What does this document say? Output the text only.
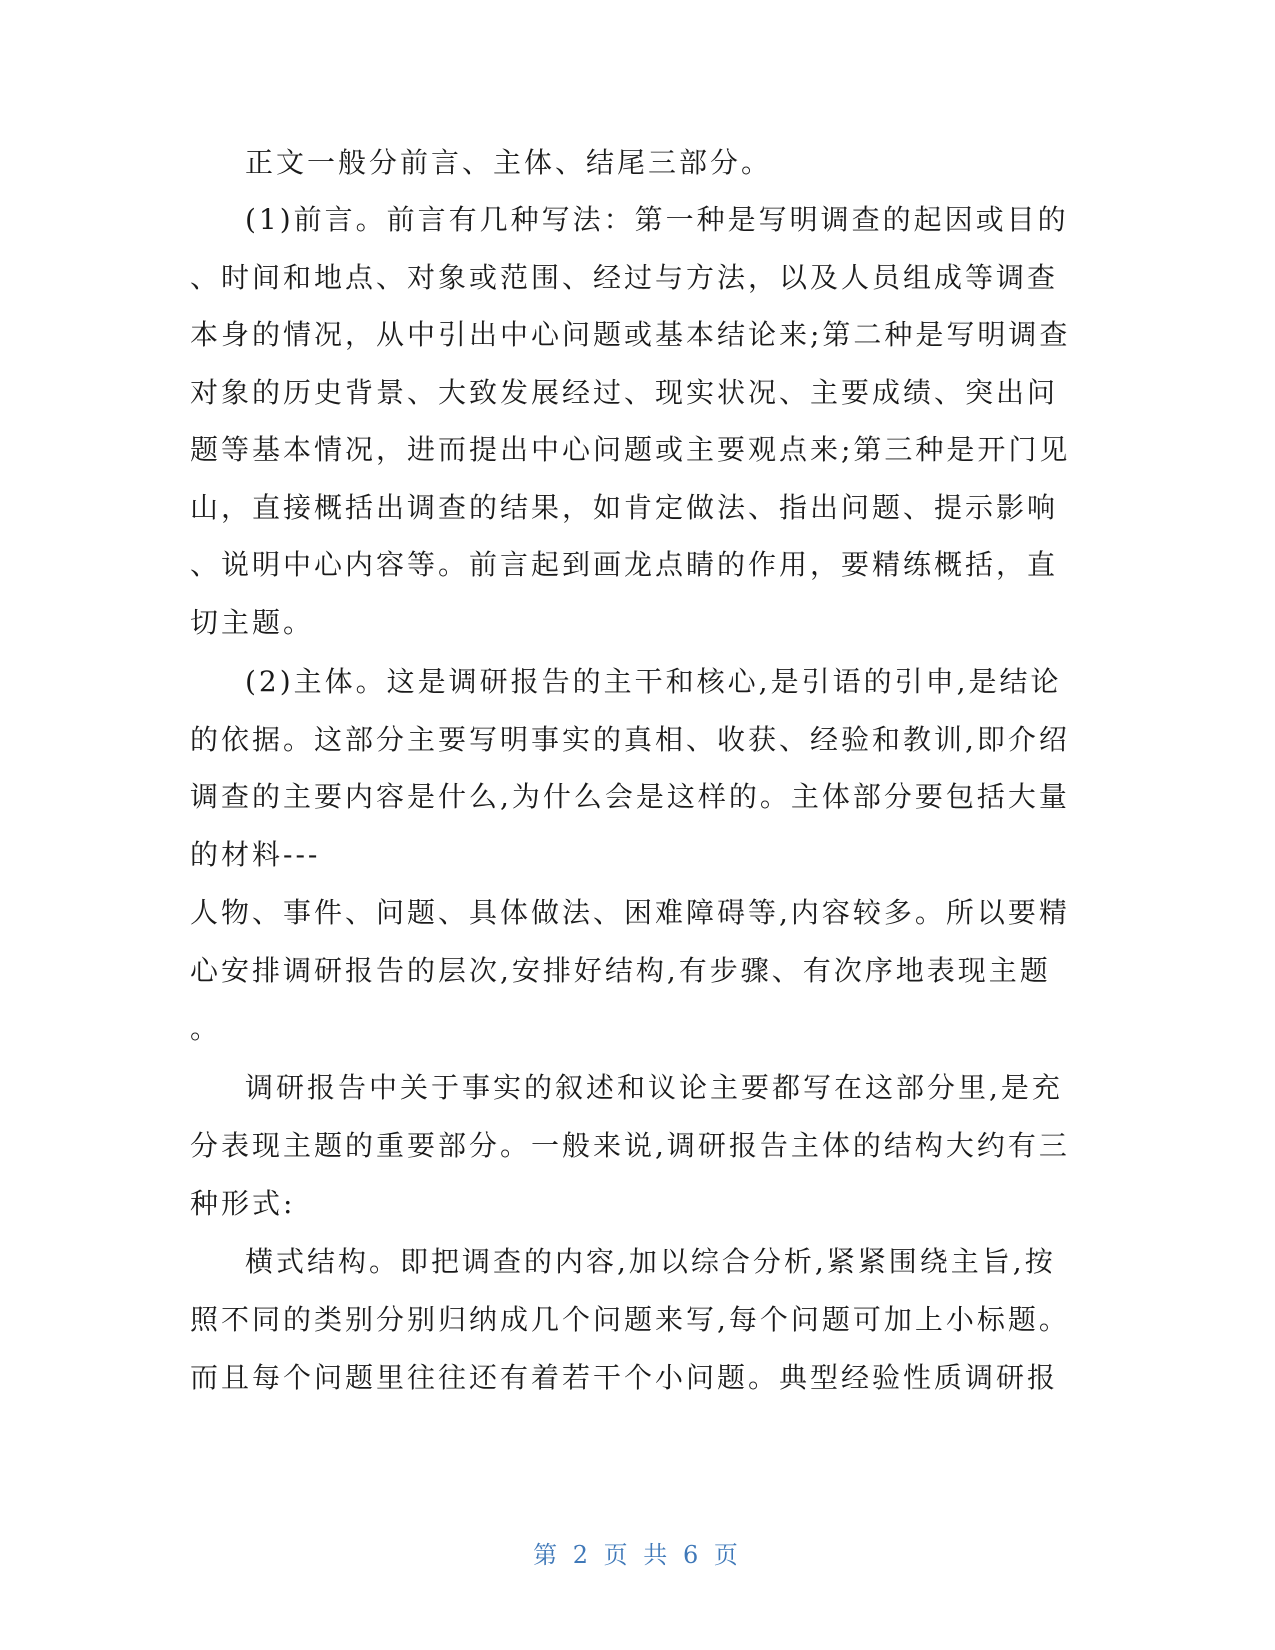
正文一般分前言、主体、结尾三部分。
(1)前言。前言有几种写法：第一种是写明调查的起因或目的
、时间和地点、对象或范围、经过与方法，以及人员组成等调查
本身的情况，从中引出中心问题或基本结论来;第二种是写明调查
对象的历史背景、大致发展经过、现实状况、主要成绩、突出问
题等基本情况，进而提出中心问题或主要观点来;第三种是开门见
山，直接概括出调查的结果，如肯定做法、指出问题、提示影响
、说明中心内容等。前言起到画龙点睛的作用，要精练概括，直
切主题。
(2)主体。这是调研报告的主干和核心,是引语的引申,是结论
的依据。这部分主要写明事实的真相、收获、经验和教训,即介绍
调查的主要内容是什么,为什么会是这样的。主体部分要包括大量
的材料---
人物、事件、问题、具体做法、困难障碍等,内容较多。所以要精
心安排调研报告的层次,安排好结构,有步骤、有次序地表现主题
。
调研报告中关于事实的叙述和议论主要都写在这部分里,是充
分表现主题的重要部分。一般来说,调研报告主体的结构大约有三
种形式:
横式结构。即把调查的内容,加以综合分析,紧紧围绕主旨,按
照不同的类别分别归纳成几个问题来写,每个问题可加上小标题。
而且每个问题里往往还有着若干个小问题。典型经验性质调研报
第 2 页 共 6 页
